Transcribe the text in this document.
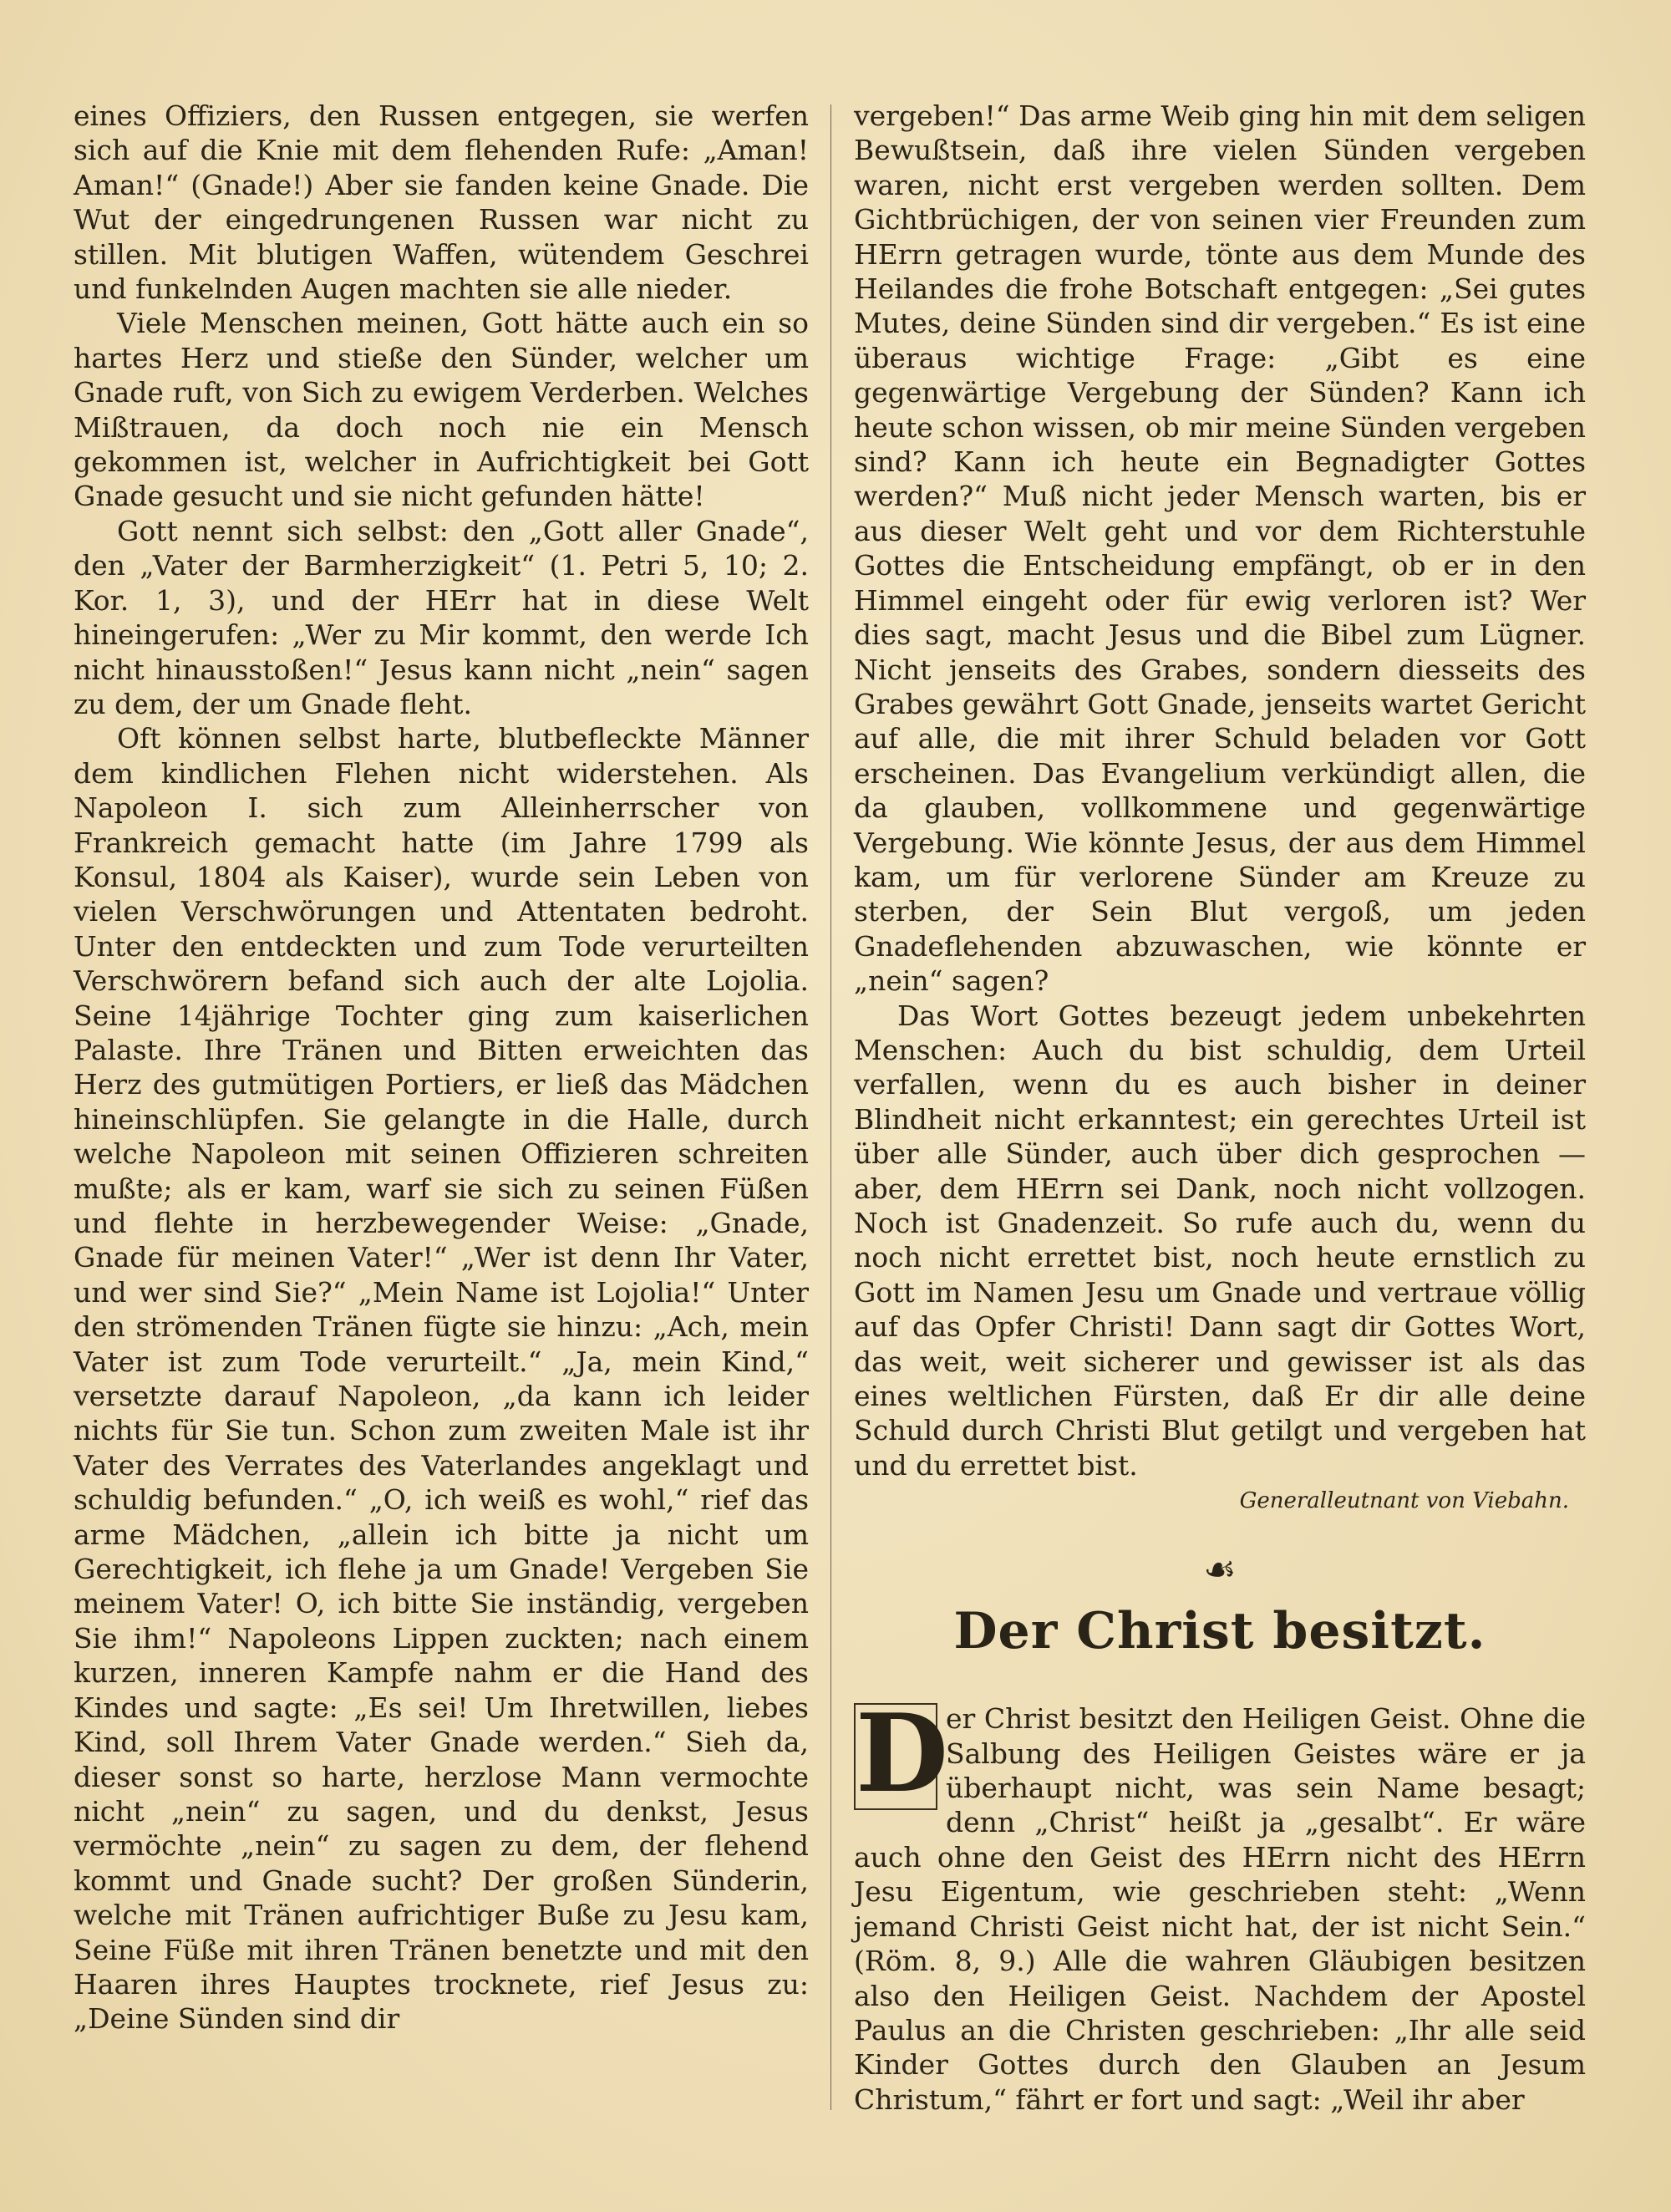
eines Offiziers, den Russen entgegen, sie werfen sich auf die Knie mit dem flehenden Rufe: „Aman! Aman!“ (Gnade!) Aber sie fanden keine Gnade. Die Wut der eingedrungenen Russen war nicht zu stillen. Mit blutigen Waffen, wütendem Geschrei und funkelnden Augen machten sie alle nieder.

Viele Menschen meinen, Gott hätte auch ein so hartes Herz und stieße den Sünder, welcher um Gnade ruft, von Sich zu ewigem Verderben. Welches Mißtrauen, da doch noch nie ein Mensch gekommen ist, welcher in Aufrichtigkeit bei Gott Gnade gesucht und sie nicht gefunden hätte!

Gott nennt sich selbst: den „Gott aller Gnade“, den „Vater der Barmherzigkeit“ (1. Petri 5, 10; 2. Kor. 1, 3), und der HErr hat in diese Welt hineingerufen: „Wer zu Mir kommt, den werde Ich nicht hinausstoßen!“ Jesus kann nicht „nein“ sagen zu dem, der um Gnade fleht.

Oft können selbst harte, blutbefleckte Männer dem kindlichen Flehen nicht widerstehen. Als Napoleon I. sich zum Alleinherrscher von Frankreich gemacht hatte (im Jahre 1799 als Konsul, 1804 als Kaiser), wurde sein Leben von vielen Verschwörungen und Attentaten bedroht. Unter den entdeckten und zum Tode verurteilten Verschwörern befand sich auch der alte Lojolia. Seine 14jährige Tochter ging zum kaiserlichen Palaste. Ihre Tränen und Bitten erweichten das Herz des gutmütigen Portiers, er ließ das Mädchen hineinschlüpfen. Sie gelangte in die Halle, durch welche Napoleon mit seinen Offizieren schreiten mußte; als er kam, warf sie sich zu seinen Füßen und flehte in herzbewegender Weise: „Gnade, Gnade für meinen Vater!“ „Wer ist denn Ihr Vater, und wer sind Sie?“ „Mein Name ist Lojolia!“ Unter den strömenden Tränen fügte sie hinzu: „Ach, mein Vater ist zum Tode verurteilt.“ „Ja, mein Kind,“ versetzte darauf Napoleon, „da kann ich leider nichts für Sie tun. Schon zum zweiten Male ist ihr Vater des Verrates des Vaterlandes angeklagt und schuldig befunden.“ „O, ich weiß es wohl,“ rief das arme Mädchen, „allein ich bitte ja nicht um Gerechtigkeit, ich flehe ja um Gnade! Vergeben Sie meinem Vater! O, ich bitte Sie inständig, vergeben Sie ihm!“ Napoleons Lippen zuckten; nach einem kurzen, inneren Kampfe nahm er die Hand des Kindes und sagte: „Es sei! Um Ihretwillen, liebes Kind, soll Ihrem Vater Gnade werden.“ Sieh da, dieser sonst so harte, herzlose Mann vermochte nicht „nein“ zu sagen, und du denkst, Jesus vermöchte „nein“ zu sagen zu dem, der flehend kommt und Gnade sucht? Der großen Sünderin, welche mit Tränen aufrichtiger Buße zu Jesu kam, Seine Füße mit ihren Tränen benetzte und mit den Haaren ihres Hauptes trocknete, rief Jesus zu: „Deine Sünden sind dir

vergeben!“ Das arme Weib ging hin mit dem seligen Bewußtsein, daß ihre vielen Sünden vergeben waren, nicht erst vergeben werden sollten. Dem Gichtbrüchigen, der von seinen vier Freunden zum HErrn getragen wurde, tönte aus dem Munde des Heilandes die frohe Botschaft entgegen: „Sei gutes Mutes, deine Sünden sind dir vergeben.“ Es ist eine überaus wichtige Frage: „Gibt es eine gegenwärtige Vergebung der Sünden? Kann ich heute schon wissen, ob mir meine Sünden vergeben sind? Kann ich heute ein Begnadigter Gottes werden?“ Muß nicht jeder Mensch warten, bis er aus dieser Welt geht und vor dem Richterstuhle Gottes die Entscheidung empfängt, ob er in den Himmel eingeht oder für ewig verloren ist? Wer dies sagt, macht Jesus und die Bibel zum Lügner. Nicht jenseits des Grabes, sondern diesseits des Grabes gewährt Gott Gnade, jenseits wartet Gericht auf alle, die mit ihrer Schuld beladen vor Gott erscheinen. Das Evangelium verkündigt allen, die da glauben, vollkommene und gegenwärtige Vergebung. Wie könnte Jesus, der aus dem Himmel kam, um für verlorene Sünder am Kreuze zu sterben, der Sein Blut vergoß, um jeden Gnadeflehenden abzuwaschen, wie könnte er „nein“ sagen?

Das Wort Gottes bezeugt jedem unbekehrten Menschen: Auch du bist schuldig, dem Urteil verfallen, wenn du es auch bisher in deiner Blindheit nicht erkanntest; ein gerechtes Urteil ist über alle Sünder, auch über dich gesprochen — aber, dem HErrn sei Dank, noch nicht vollzogen. Noch ist Gnadenzeit. So rufe auch du, wenn du noch nicht errettet bist, noch heute ernstlich zu Gott im Namen Jesu um Gnade und vertraue völlig auf das Opfer Christi! Dann sagt dir Gottes Wort, das weit, weit sicherer und gewisser ist als das eines weltlichen Fürsten, daß Er dir alle deine Schuld durch Christi Blut getilgt und vergeben hat und du errettet bist.

Generalleutnant von Viebahn.

☙
Der Christ besitzt.

D
er Christ besitzt den Heiligen Geist. Ohne die Salbung des Heiligen Geistes wäre er ja überhaupt nicht, was sein Name besagt; denn „Christ“ heißt ja „gesalbt“. Er wäre auch ohne den Geist des HErrn nicht des HErrn Jesu Eigentum, wie geschrieben steht: „Wenn jemand Christi Geist nicht hat, der ist nicht Sein.“ (Röm. 8, 9.) Alle die wahren Gläubigen besitzen also den Heiligen Geist. Nachdem der Apostel Paulus an die Christen geschrieben: „Ihr alle seid Kinder Gottes durch den Glauben an Jesum Christum,“ fährt er fort und sagt: „Weil ihr aber
